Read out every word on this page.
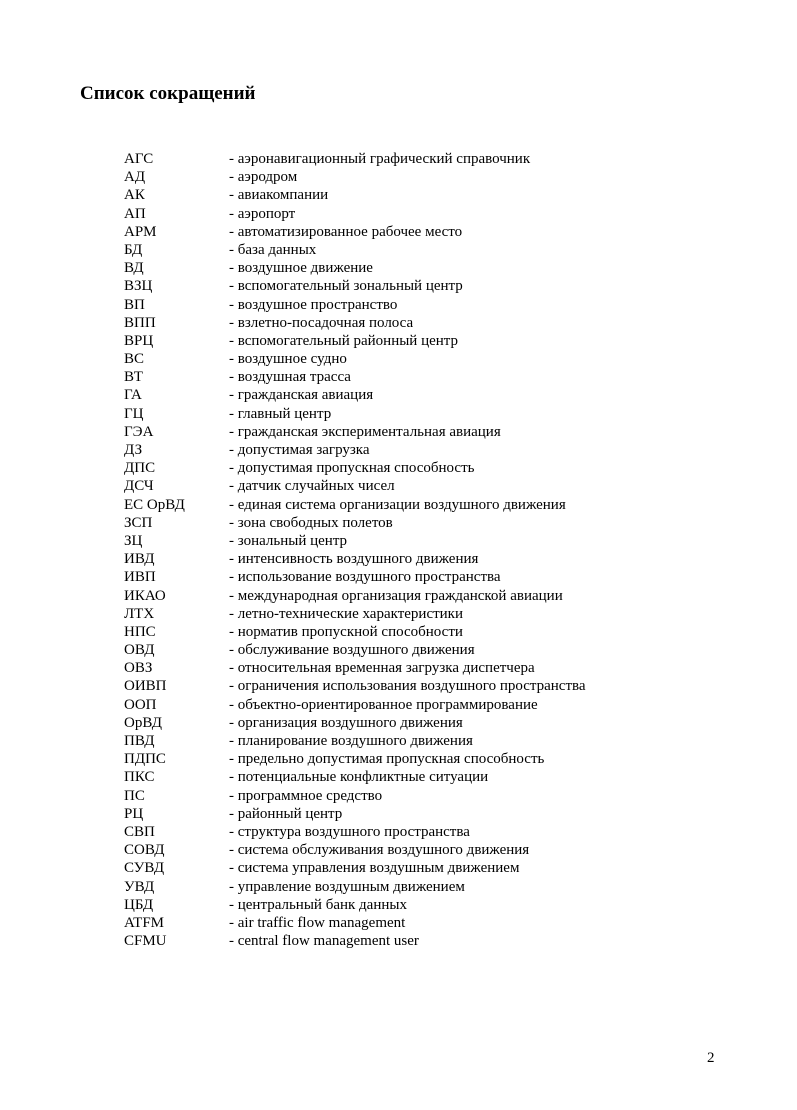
Список сокращений
АГС	- аэронавигационный графический справочник
АД	- аэродром
АК	- авиакомпании
АП	- аэропорт
АРМ	- автоматизированное рабочее место
БД	- база данных
ВД	- воздушное движение
ВЗЦ	- вспомогательный зональный центр
ВП	- воздушное пространство
ВПП	- взлетно-посадочная полоса
ВРЦ	- вспомогательный районный центр
ВС	- воздушное судно
ВТ	- воздушная трасса
ГА	- гражданская авиация
ГЦ	- главный центр
ГЭА	- гражданская экспериментальная авиация
ДЗ	- допустимая загрузка
ДПС	- допустимая пропускная способность
ДСЧ	- датчик случайных чисел
ЕС ОрВД	- единая система организации воздушного движения
ЗСП	- зона свободных полетов
ЗЦ	- зональный центр
ИВД	- интенсивность воздушного движения
ИВП	- использование воздушного пространства
ИКАО	- международная организация гражданской авиации
ЛТХ	- летно-технические характеристики
НПС	- норматив пропускной способности
ОВД	- обслуживание воздушного движения
ОВЗ	- относительная временная загрузка диспетчера
ОИВП	- ограничения использования воздушного пространства
ООП	- объектно-ориентированное программирование
ОрВД	- организация воздушного движения
ПВД	- планирование воздушного движения
ПДПС	- предельно допустимая пропускная способность
ПКС	- потенциальные конфликтные ситуации
ПС	- программное средство
РЦ	- районный центр
СВП	- структура воздушного пространства
СОВД	- система обслуживания воздушного движения
СУВД	- система управления воздушным движением
УВД	- управление воздушным движением
ЦБД	- центральный банк данных
ATFM	- air traffic flow management
CFMU	- central flow management user
2
